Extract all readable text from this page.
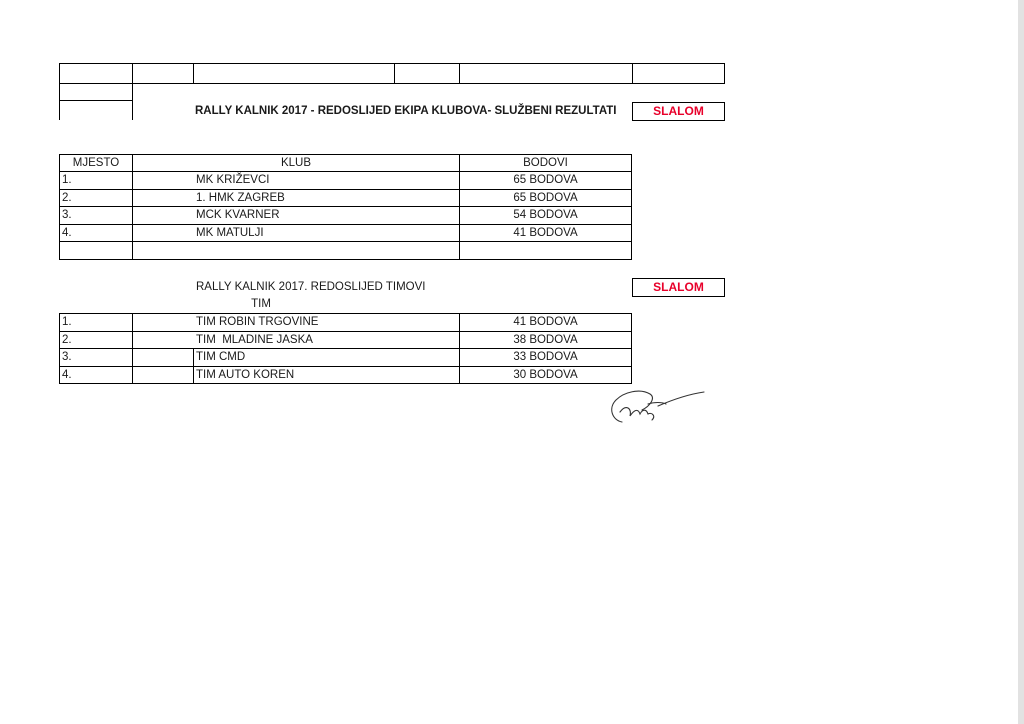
RALLY KALNIK 2017 - REDOSLIJED EKIPA KLUBOVA- SLUŽBENI REZULTATI	SLALOM
MJESTO	KLUB	BODOVI
1.	MK KRIŽEVCI	65 BODOVA
2.	1. HMK ZAGREB	65 BODOVA
3.	MCK KVARNER	54 BODOVA
4.	MK MATULJI	41 BODOVA
RALLY KALNIK 2017. REDOSLIJED TIMOVI	SLALOM
TIM
1.	TIM ROBIN TRGOVINE	41 BODOVA
2.	TIM  MLADINE JASKA	38 BODOVA
3.	TIM CMD	33 BODOVA
4.	TIM AUTO KOREN	30 BODOVA
